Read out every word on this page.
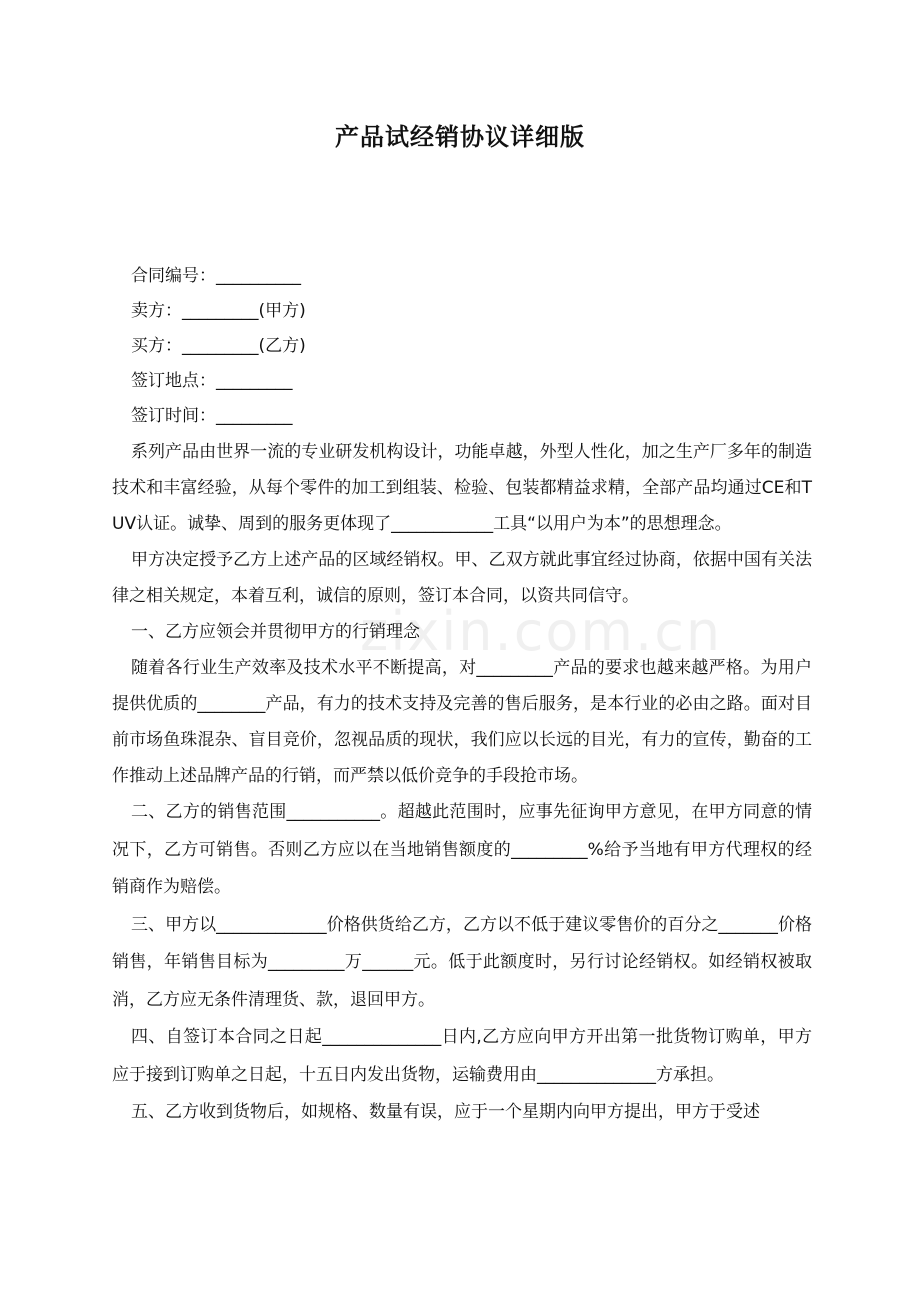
产品试经销协议详细版
合同编号：__________
卖方：_________(甲方)
买方：_________(乙方)
签订地点：_________
签订时间：_________

系列产品由世界一流的专业研发机构设计，功能卓越，外型人性化，加之生产厂多年的制造技术和丰富经验，从每个零件的加工到组装、检验、包装都精益求精，全部产品均通过CE和TUV认证。诚挚、周到的服务更体现了____________工具“以用户为本”的思想理念。

甲方决定授予乙方上述产品的区域经销权。甲、乙双方就此事宜经过协商，依据中国有关法律之相关规定，本着互利，诚信的原则，签订本合同，以资共同信守。

一、乙方应领会并贯彻甲方的行销理念

随着各行业生产效率及技术水平不断提高，对_________产品的要求也越来越严格。为用户提供优质的________产品，有力的技术支持及完善的售后服务，是本行业的必由之路。面对目前市场鱼珠混杂、盲目竞价，忽视品质的现状，我们应以长远的目光，有力的宣传，勤奋的工作推动上述品牌产品的行销，而严禁以低价竞争的手段抢市场。

二、乙方的销售范围___________。超越此范围时，应事先征询甲方意见，在甲方同意的情况下，乙方可销售。否则乙方应以在当地销售额度的_________%给予当地有甲方代理权的经销商作为赔偿。

三、甲方以_____________价格供货给乙方，乙方以不低于建议零售价的百分之_______价格销售，年销售目标为_________万______元。低于此额度时，另行讨论经销权。如经销权被取消，乙方应无条件清理货、款，退回甲方。

四、自签订本合同之日起______________日内,乙方应向甲方开出第一批货物订购单，甲方应于接到订购单之日起，十五日内发出货物，运输费用由______________方承担。

五、乙方收到货物后，如规格、数量有误，应于一个星期内向甲方提出，甲方于受述

zixin.com.cn
